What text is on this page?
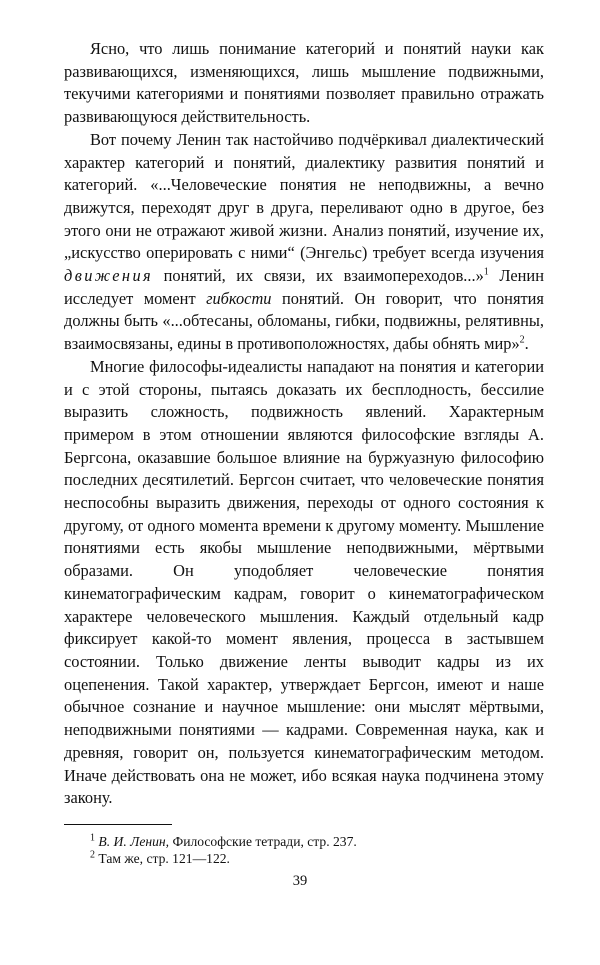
Ясно, что лишь понимание категорий и понятий науки как развивающихся, изменяющихся, лишь мышление подвижными, текучими категориями и понятиями позволяет правильно отражать развивающуюся действительность.

Вот почему Ленин так настойчиво подчёркивал диалектический характер категорий и понятий, диалектику развития понятий и категорий. «...Человеческие понятия не неподвижны, а вечно движутся, переходят друг в друга, переливают одно в другое, без этого они не отражают живой жизни. Анализ понятий, изучение их, „искусство оперировать с ними“ (Энгельс) требует всегда изучения движения понятий, их связи, их взаимопереходов...»$^1$ Ленин исследует момент гибкости понятий. Он говорит, что понятия должны быть «...обтесаны, обломаны, гибки, подвижны, релятивны, взаимосвязаны, едины в противоположностях, дабы обнять мир»$^2$.

Многие философы-идеалисты нападают на понятия и категории и с этой стороны, пытаясь доказать их бесплодность, бессилие выразить сложность, подвижность явлений. Характерным примером в этом отношении являются философские взгляды А. Бергсона, оказавшие большое влияние на буржуазную философию последних десятилетий. Бергсон считает, что человеческие понятия неспособны выразить движения, переходы от одного состояния к другому, от одного момента времени к другому моменту. Мышление понятиями есть якобы мышление неподвижными, мёртвыми образами. Он уподобляет человеческие понятия кинематографическим кадрам, говорит о кинематографическом характере человеческого мышления. Каждый отдельный кадр фиксирует какой-то момент явления, процесса в застывшем состоянии. Только движение ленты выводит кадры из их оцепенения. Такой характер, утверждает Бергсон, имеют и наше обычное сознание и научное мышление: они мыслят мёртвыми, неподвижными понятиями — кадрами. Современная наука, как и древняя, говорит он, пользуется кинематографическим методом. Иначе действовать она не может, ибо всякая наука подчинена этому закону.

$^1$ В. И. Ленин, Философские тетради, стр. 237.

$^2$ Там же, стр. 121—122.

39
